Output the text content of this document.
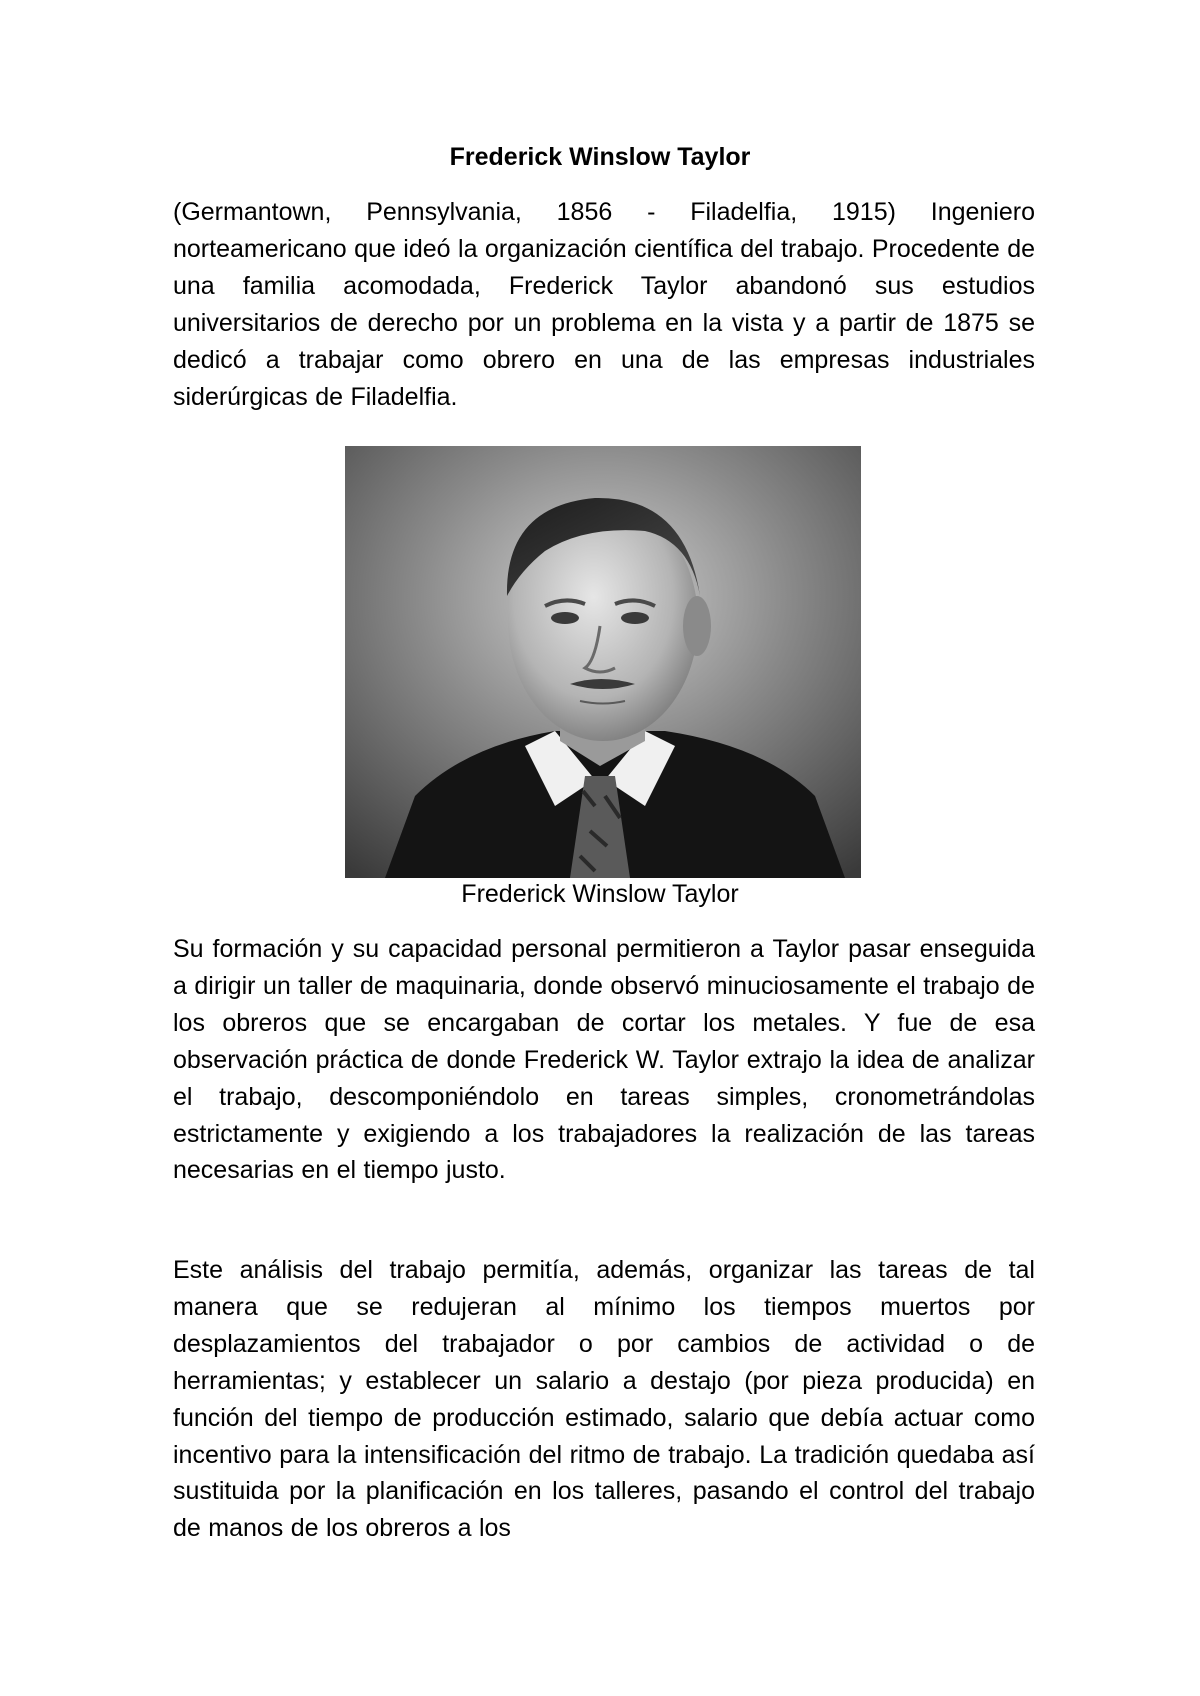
Frederick Winslow Taylor

(Germantown, Pennsylvania, 1856 - Filadelfia, 1915) Ingeniero norteamericano que ideó la organización científica del trabajo. Procedente de una familia acomodada, Frederick Taylor abandonó sus estudios universitarios de derecho por un problema en la vista y a partir de 1875 se dedicó a trabajar como obrero en una de las empresas industriales siderúrgicas de Filadelfia.

Frederick Winslow Taylor

Su formación y su capacidad personal permitieron a Taylor pasar enseguida a dirigir un taller de maquinaria, donde observó minuciosamente el trabajo de los obreros que se encargaban de cortar los metales. Y fue de esa observación práctica de donde Frederick W. Taylor extrajo la idea de analizar el trabajo, descomponiéndolo en tareas simples, cronometrándolas estrictamente y exigiendo a los trabajadores la realización de las tareas necesarias en el tiempo justo.

Este análisis del trabajo permitía, además, organizar las tareas de tal manera que se redujeran al mínimo los tiempos muertos por desplazamientos del trabajador o por cambios de actividad o de herramientas; y establecer un salario a destajo (por pieza producida) en función del tiempo de producción estimado, salario que debía actuar como incentivo para la intensificación del ritmo de trabajo. La tradición quedaba así sustituida por la planificación en los talleres, pasando el control del trabajo de manos de los obreros a los
